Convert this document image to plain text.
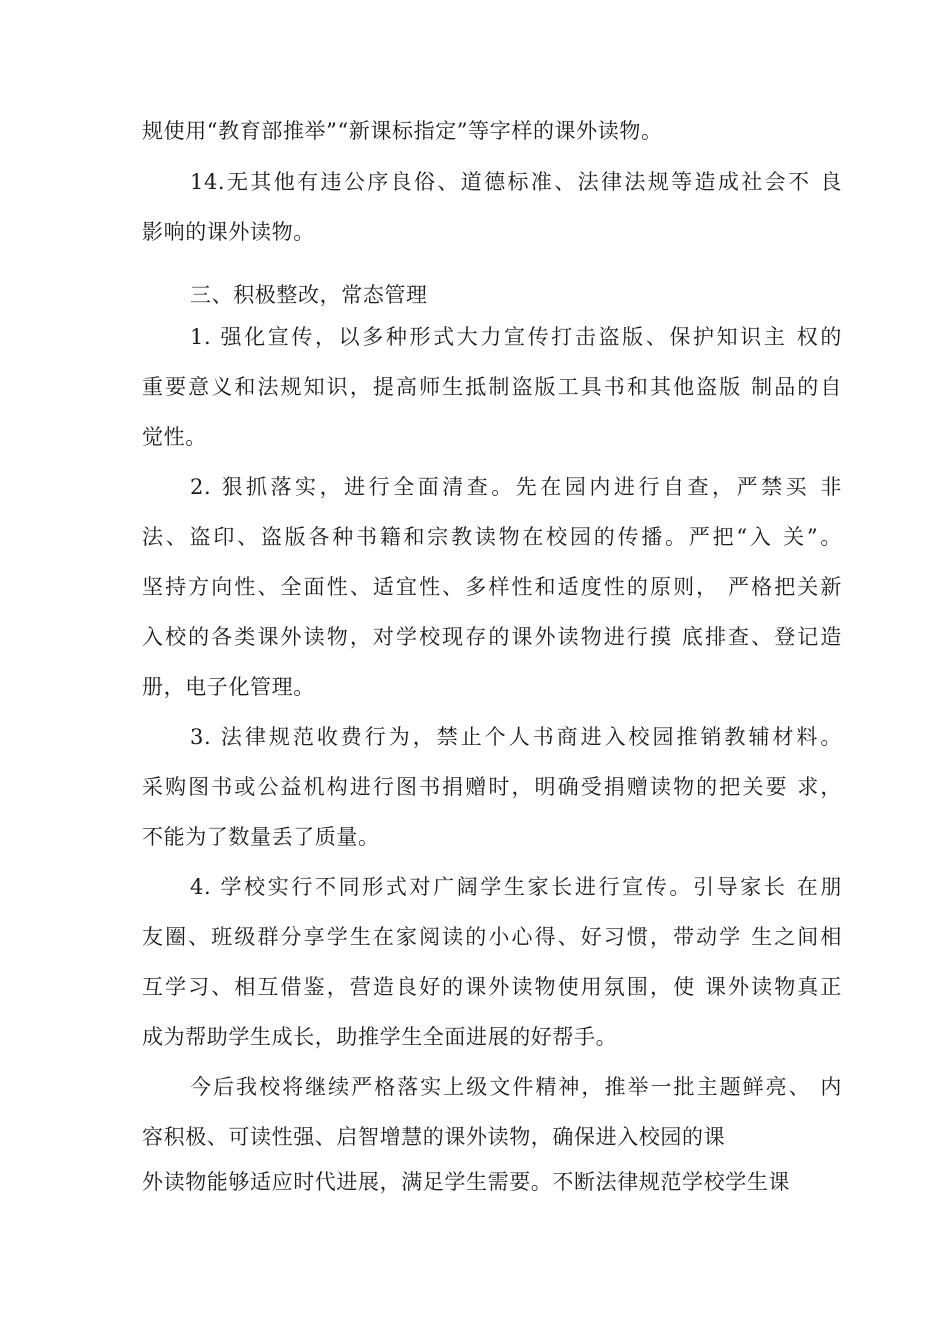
规使用“教育部推举”“新课标指定”等字样的课外读物。
14.无其他有违公序良俗、道德标准、法律法规等造成社会不 良
影响的课外读物。
三、积极整改，常态管理
1. 强化宣传，以多种形式大力宣传打击盗版、保护知识主 权的
重要意义和法规知识，提高师生抵制盗版工具书和其他盗版 制品的自
觉性。
2. 狠抓落实，进行全面清查。先在园内进行自查，严禁买 非
法、盗印、盗版各种书籍和宗教读物在校园的传播。严把“入 关”。
坚持方向性、全面性、适宜性、多样性和适度性的原则， 严格把关新
入校的各类课外读物，对学校现存的课外读物进行摸 底排查、登记造
册，电子化管理。
3. 法律规范收费行为，禁止个人书商进入校园推销教辅材料。
采购图书或公益机构进行图书捐赠时，明确受捐赠读物的把关要 求，
不能为了数量丢了质量。
4. 学校实行不同形式对广阔学生家长进行宣传。引导家长 在朋
友圈、班级群分享学生在家阅读的小心得、好习惯，带动学 生之间相
互学习、相互借鉴，营造良好的课外读物使用氛围，使 课外读物真正
成为帮助学生成长，助推学生全面进展的好帮手。
今后我校将继续严格落实上级文件精神，推举一批主题鲜亮、 内
容积极、可读性强、启智增慧的课外读物，确保进入校园的课
外读物能够适应时代进展，满足学生需要。不断法律规范学校学生课
